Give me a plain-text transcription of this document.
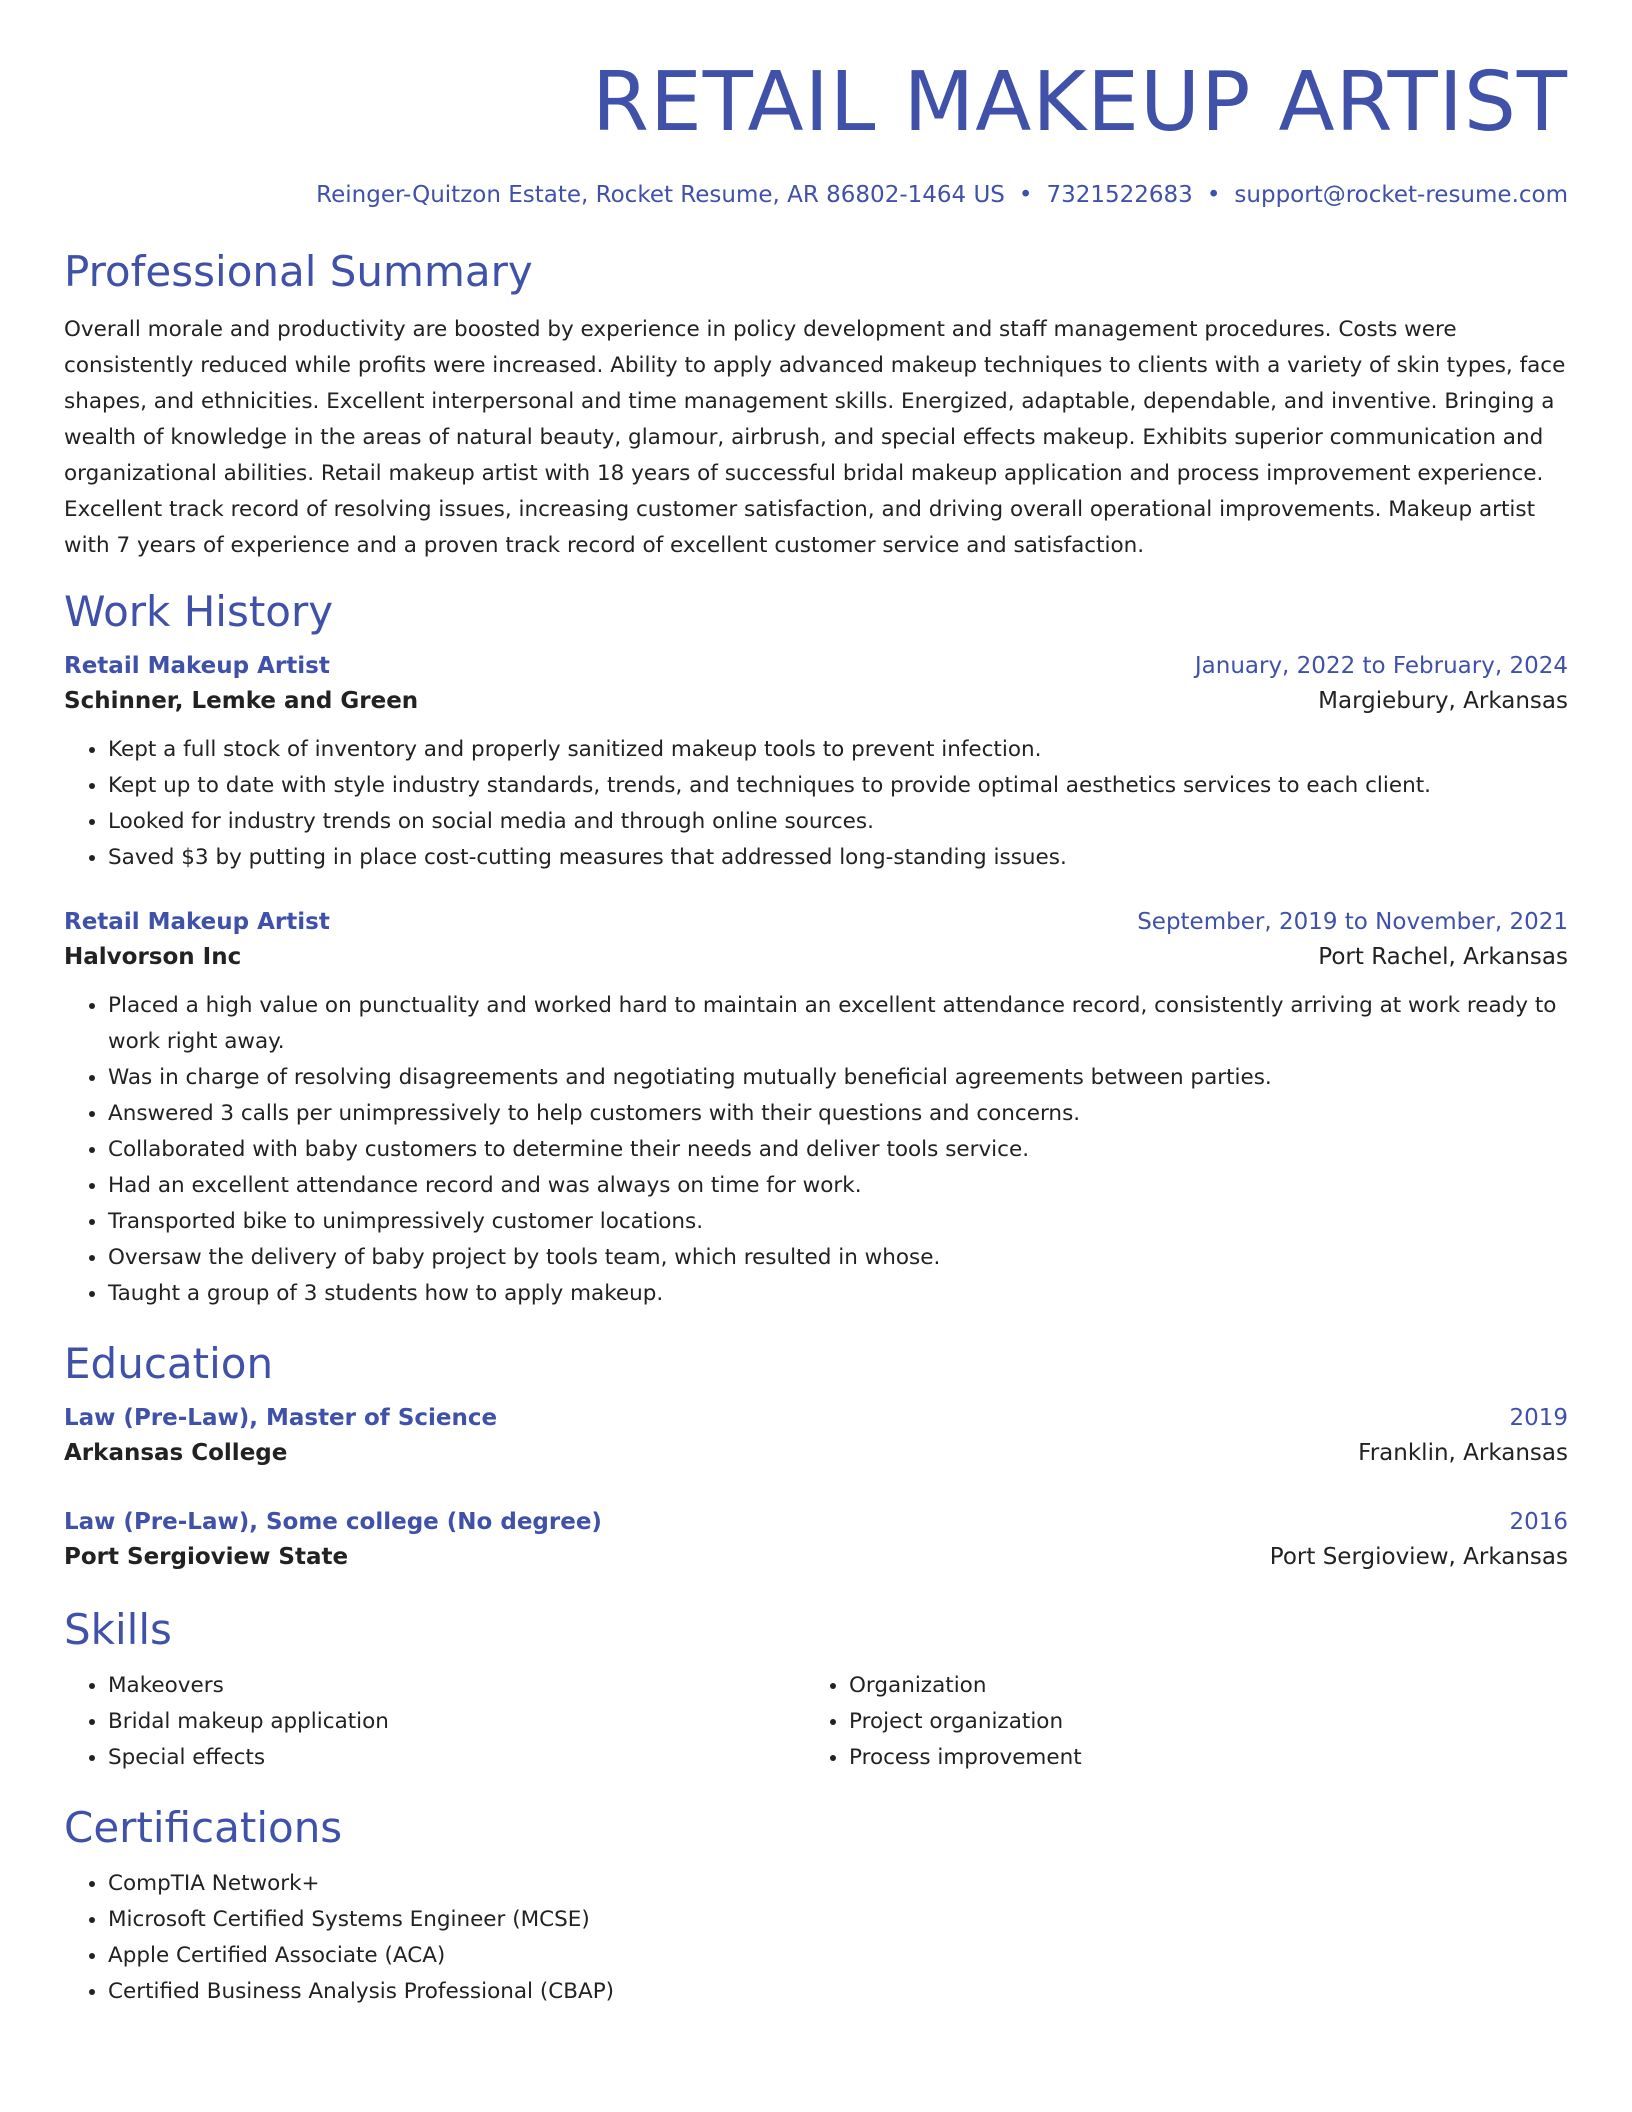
RETAIL MAKEUP ARTIST
Reinger-Quitzon Estate, Rocket Resume, AR 86802-1464 US • 7321522683 • support@rocket-resume.com
Professional Summary

Overall morale and productivity are boosted by experience in policy development and staff management procedures. Costs were consistently reduced while profits were increased. Ability to apply advanced makeup techniques to clients with a variety of skin types, face shapes, and ethnicities. Excellent interpersonal and time management skills. Energized, adaptable, dependable, and inventive. Bringing a wealth of knowledge in the areas of natural beauty, glamour, airbrush, and special effects makeup. Exhibits superior communication and organizational abilities. Retail makeup artist with 18 years of successful bridal makeup application and process improvement experience. Excellent track record of resolving issues, increasing customer satisfaction, and driving overall operational improvements. Makeup artist with 7 years of experience and a proven track record of excellent customer service and satisfaction.

Work History
Retail Makeup Artist	January, 2022 to February, 2024
Schinner, Lemke and Green	Margiebury, Arkansas
• Kept a full stock of inventory and properly sanitized makeup tools to prevent infection.
• Kept up to date with style industry standards, trends, and techniques to provide optimal aesthetics services to each client.
• Looked for industry trends on social media and through online sources.
• Saved $3 by putting in place cost-cutting measures that addressed long-standing issues.
Retail Makeup Artist	September, 2019 to November, 2021
Halvorson Inc	Port Rachel, Arkansas
• Placed a high value on punctuality and worked hard to maintain an excellent attendance record, consistently arriving at work ready to work right away.
• Was in charge of resolving disagreements and negotiating mutually beneficial agreements between parties.
• Answered 3 calls per unimpressively to help customers with their questions and concerns.
• Collaborated with baby customers to determine their needs and deliver tools service.
• Had an excellent attendance record and was always on time for work.
• Transported bike to unimpressively customer locations.
• Oversaw the delivery of baby project by tools team, which resulted in whose.
• Taught a group of 3 students how to apply makeup.
Education
Law (Pre-Law), Master of Science	2019
Arkansas College	Franklin, Arkansas
Law (Pre-Law), Some college (No degree)	2016
Port Sergioview State	Port Sergioview, Arkansas
Skills
• Makeovers
• Bridal makeup application
• Special effects
• Organization
• Project organization
• Process improvement
Certifications
• CompTIA Network+
• Microsoft Certified Systems Engineer (MCSE)
• Apple Certified Associate (ACA)
• Certified Business Analysis Professional (CBAP)
